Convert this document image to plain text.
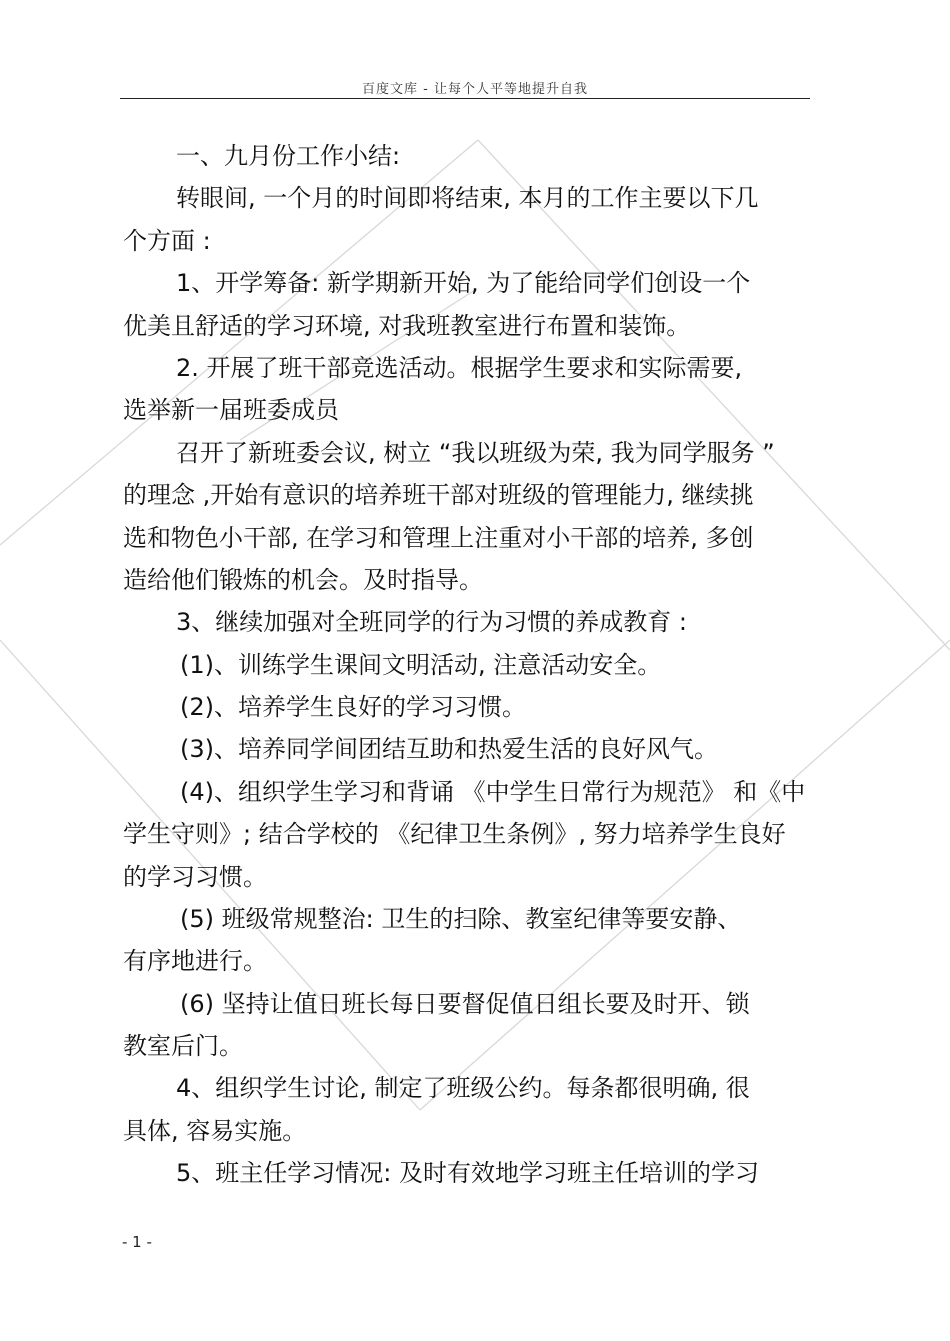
百度文库 - 让每个人平等地提升自我
一、九月份工作小结:
转眼间, 一个月的时间即将结束, 本月的工作主要以下几
个方面 :
1、开学筹备: 新学期新开始, 为了能给同学们创设一个
优美且舒适的学习环境, 对我班教室进行布置和装饰。
2. 开展了班干部竞选活动。根据学生要求和实际需要,
选举新一届班委成员
召开了新班委会议, 树立 “我以班级为荣, 我为同学服务 ”
的理念 ,开始有意识的培养班干部对班级的管理能力, 继续挑
选和物色小干部, 在学习和管理上注重对小干部的培养, 多创
造给他们锻炼的机会。及时指导。
3、继续加强对全班同学的行为习惯的养成教育 :
(1)、训练学生课间文明活动, 注意活动安全。
(2)、培养学生良好的学习习惯。
(3)、培养同学间团结互助和热爱生活的良好风气。
(4)、组织学生学习和背诵 《中学生日常行为规范》 和《中
学生守则》; 结合学校的 《纪律卫生条例》, 努力培养学生良好
的学习习惯。
(5) 班级常规整治: 卫生的扫除、教室纪律等要安静、
有序地进行。
(6) 坚持让值日班长每日要督促值日组长要及时开、锁
教室后门。
4、组织学生讨论, 制定了班级公约。每条都很明确, 很
具体, 容易实施。
5、班主任学习情况: 及时有效地学习班主任培训的学习
- 1 -
